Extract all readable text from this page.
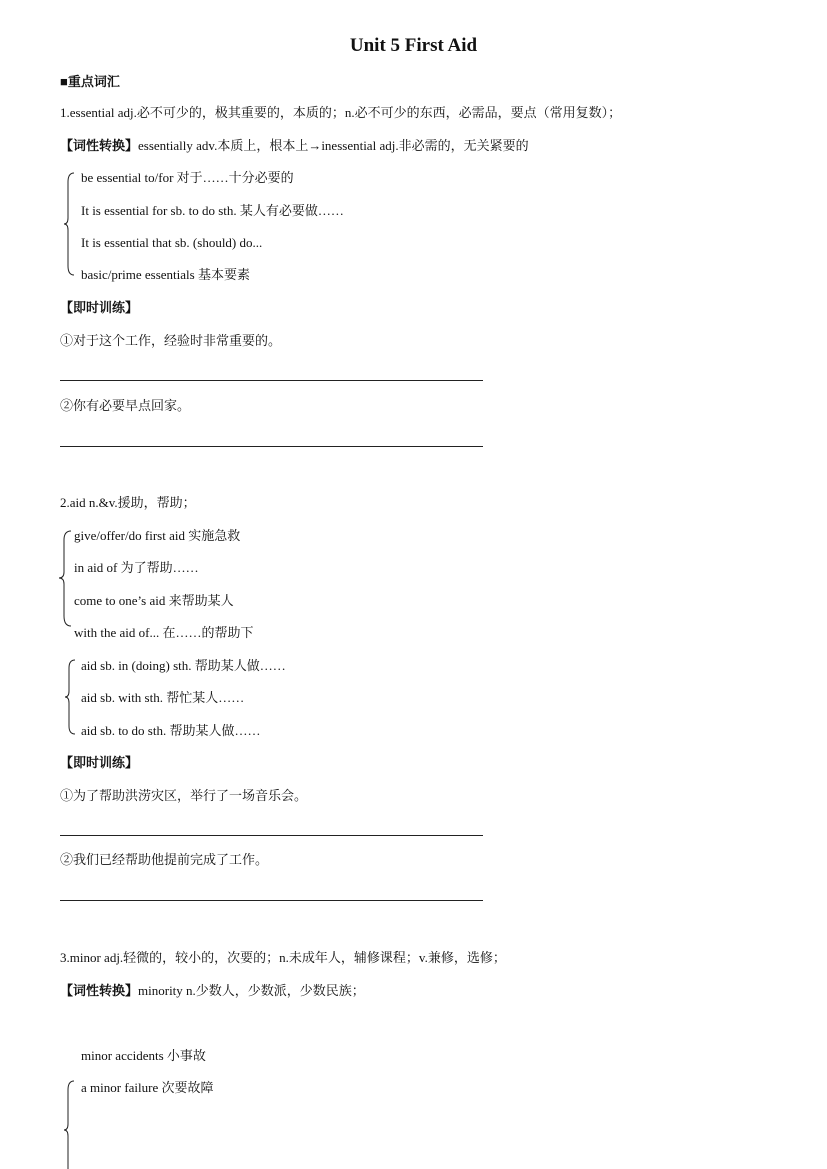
Unit 5 First Aid
■重点词汇
1.essential adj.必不可少的，极其重要的，本质的；n.必不可少的东西，必需品，要点（常用复数）；
【词性转换】essentially adv.本质上，根本上→inessential adj.非必需的，无关紧要的
be essential to/for 对于……十分必要的
It is essential for sb. to do sth. 某人有必要做……
It is essential that sb. (should) do...
basic/prime essentials 基本要素
【即时训练】
①对于这个工作，经验时非常重要的。
②你有必要早点回家。
2.aid n.&v.援助，帮助；
give/offer/do first aid 实施急救
in aid of 为了帮助……
come to one’s aid 来帮助某人
with the aid of... 在……的帮助下
aid sb. in (doing) sth. 帮助某人做……
aid sb. with sth. 帮忙某人……
aid sb. to do sth. 帮助某人做……
【即时训练】
①为了帮助洪涝灾区，举行了一场音乐会。
②我们已经帮助他提前完成了工作。
3.minor adj.轻微的，较小的，次要的；n.未成年人，辅修课程；v.兼修，选修；
【词性转换】minority n.少数人，少数派，少数民族；
minor accidents 小事故
a minor failure 次要故障
